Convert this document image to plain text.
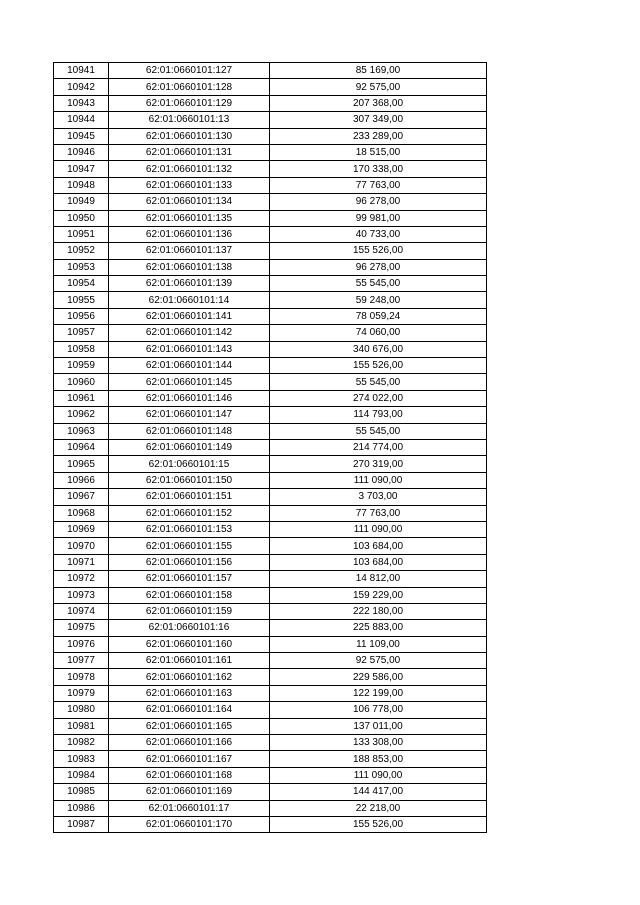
10941	62:01:0660101:127	85 169,00
10942	62:01:0660101:128	92 575,00
10943	62:01:0660101:129	207 368,00
10944	62:01:0660101:13	307 349,00
10945	62:01:0660101:130	233 289,00
10946	62:01:0660101:131	18 515,00
10947	62:01:0660101:132	170 338,00
10948	62:01:0660101:133	77 763,00
10949	62:01:0660101:134	96 278,00
10950	62:01:0660101:135	99 981,00
10951	62:01:0660101:136	40 733,00
10952	62:01:0660101:137	155 526,00
10953	62:01:0660101:138	96 278,00
10954	62:01:0660101:139	55 545,00
10955	62:01:0660101:14	59 248,00
10956	62:01:0660101:141	78 059,24
10957	62:01:0660101:142	74 060,00
10958	62:01:0660101:143	340 676,00
10959	62:01:0660101:144	155 526,00
10960	62:01:0660101:145	55 545,00
10961	62:01:0660101:146	274 022,00
10962	62:01:0660101:147	114 793,00
10963	62:01:0660101:148	55 545,00
10964	62:01:0660101:149	214 774,00
10965	62:01:0660101:15	270 319,00
10966	62:01:0660101:150	111 090,00
10967	62:01:0660101:151	3 703,00
10968	62:01:0660101:152	77 763,00
10969	62:01:0660101:153	111 090,00
10970	62:01:0660101:155	103 684,00
10971	62:01:0660101:156	103 684,00
10972	62:01:0660101:157	14 812,00
10973	62:01:0660101:158	159 229,00
10974	62:01:0660101:159	222 180,00
10975	62:01:0660101:16	225 883,00
10976	62:01:0660101:160	11 109,00
10977	62:01:0660101:161	92 575,00
10978	62:01:0660101:162	229 586,00
10979	62:01:0660101:163	122 199,00
10980	62:01:0660101:164	106 778,00
10981	62:01:0660101:165	137 011,00
10982	62:01:0660101:166	133 308,00
10983	62:01:0660101:167	188 853,00
10984	62:01:0660101:168	111 090,00
10985	62:01:0660101:169	144 417,00
10986	62:01:0660101:17	22 218,00
10987	62:01:0660101:170	155 526,00
